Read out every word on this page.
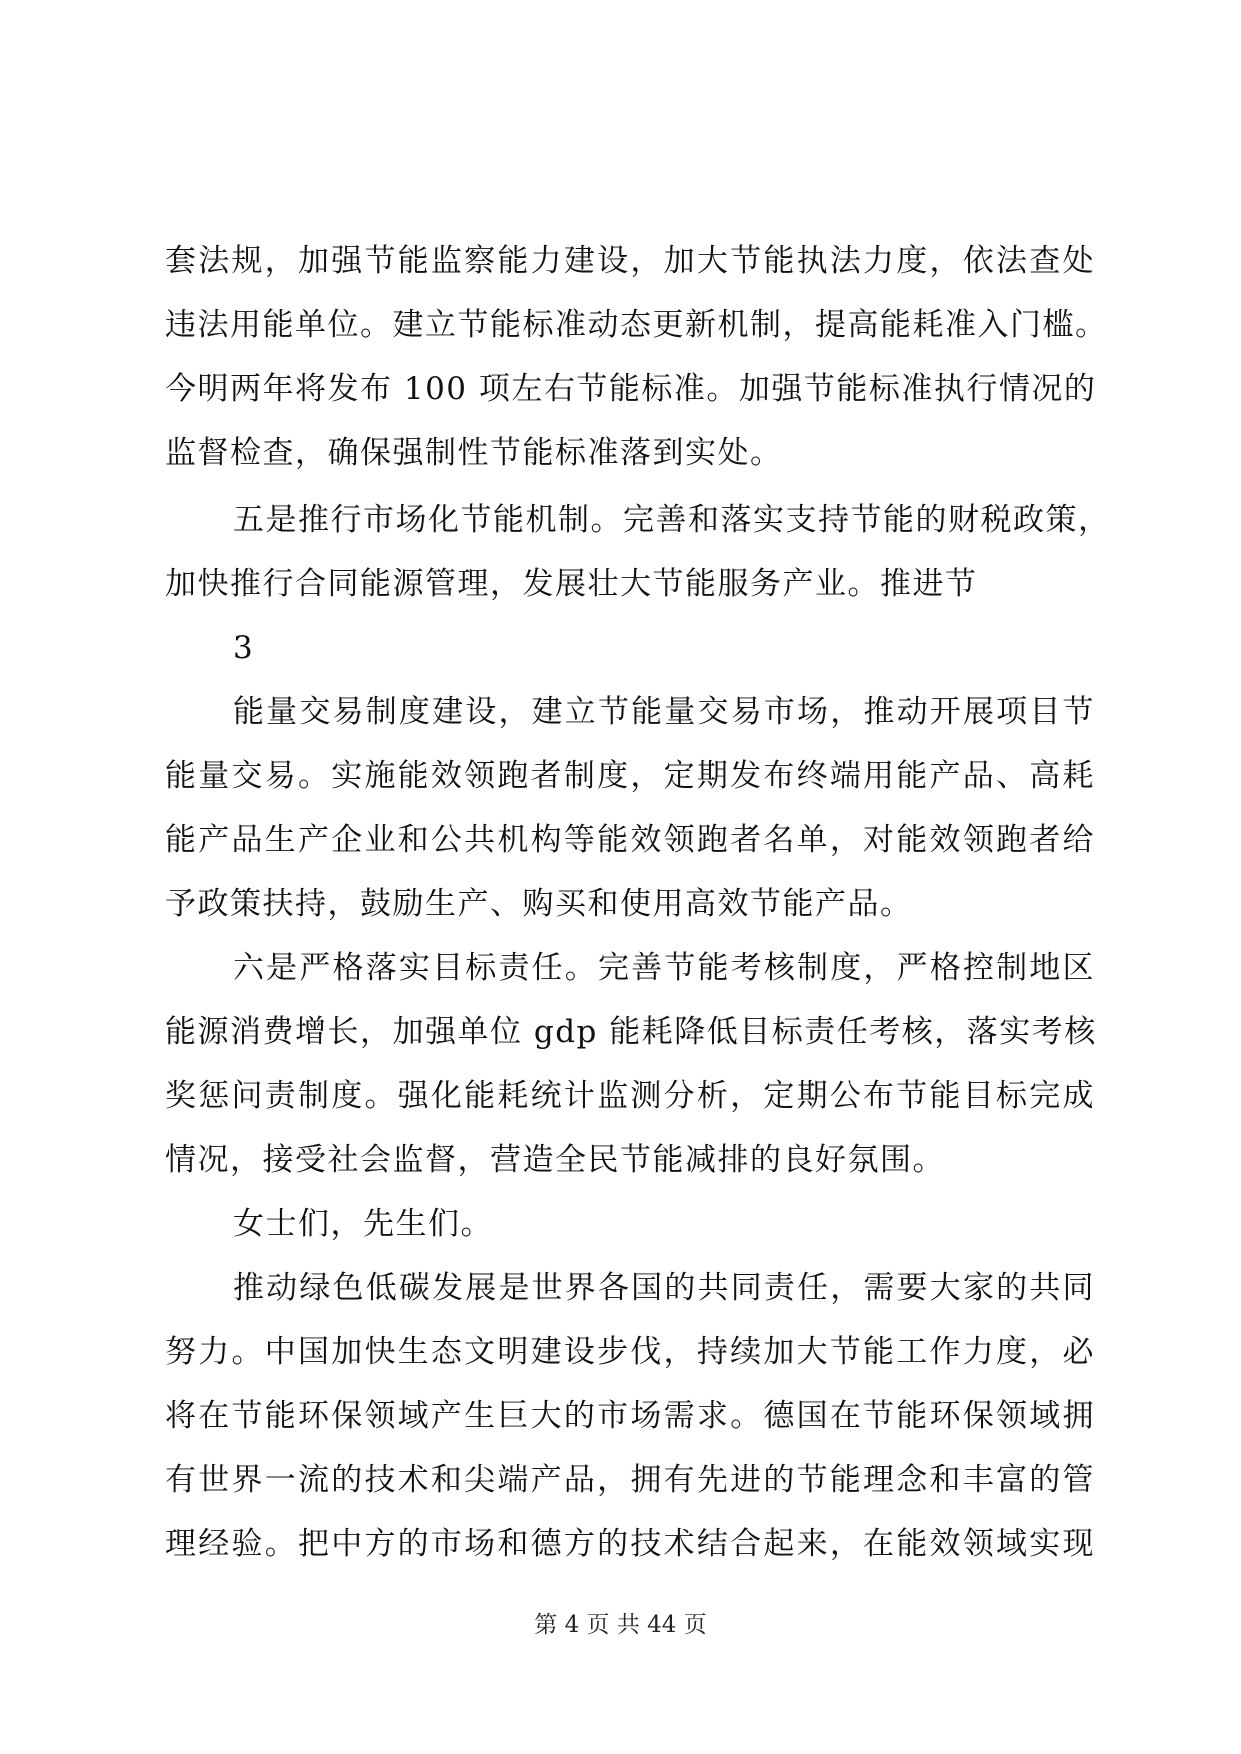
套法规，加强节能监察能力建设，加大节能执法力度，依法查处
违法用能单位。建立节能标准动态更新机制，提高能耗准入门槛。
今明两年将发布 100 项左右节能标准。加强节能标准执行情况的
监督检查，确保强制性节能标准落到实处。
五是推行市场化节能机制。完善和落实支持节能的财税政策，
加快推行合同能源管理，发展壮大节能服务产业。推进节
3
能量交易制度建设，建立节能量交易市场，推动开展项目节
能量交易。实施能效领跑者制度，定期发布终端用能产品、高耗
能产品生产企业和公共机构等能效领跑者名单，对能效领跑者给
予政策扶持，鼓励生产、购买和使用高效节能产品。
六是严格落实目标责任。完善节能考核制度，严格控制地区
能源消费增长，加强单位 gdp 能耗降低目标责任考核，落实考核
奖惩问责制度。强化能耗统计监测分析，定期公布节能目标完成
情况，接受社会监督，营造全民节能减排的良好氛围。
女士们，先生们。
推动绿色低碳发展是世界各国的共同责任，需要大家的共同
努力。中国加快生态文明建设步伐，持续加大节能工作力度，必
将在节能环保领域产生巨大的市场需求。德国在节能环保领域拥
有世界一流的技术和尖端产品，拥有先进的节能理念和丰富的管
理经验。把中方的市场和德方的技术结合起来，在能效领域实现
第 4 页 共 44 页
